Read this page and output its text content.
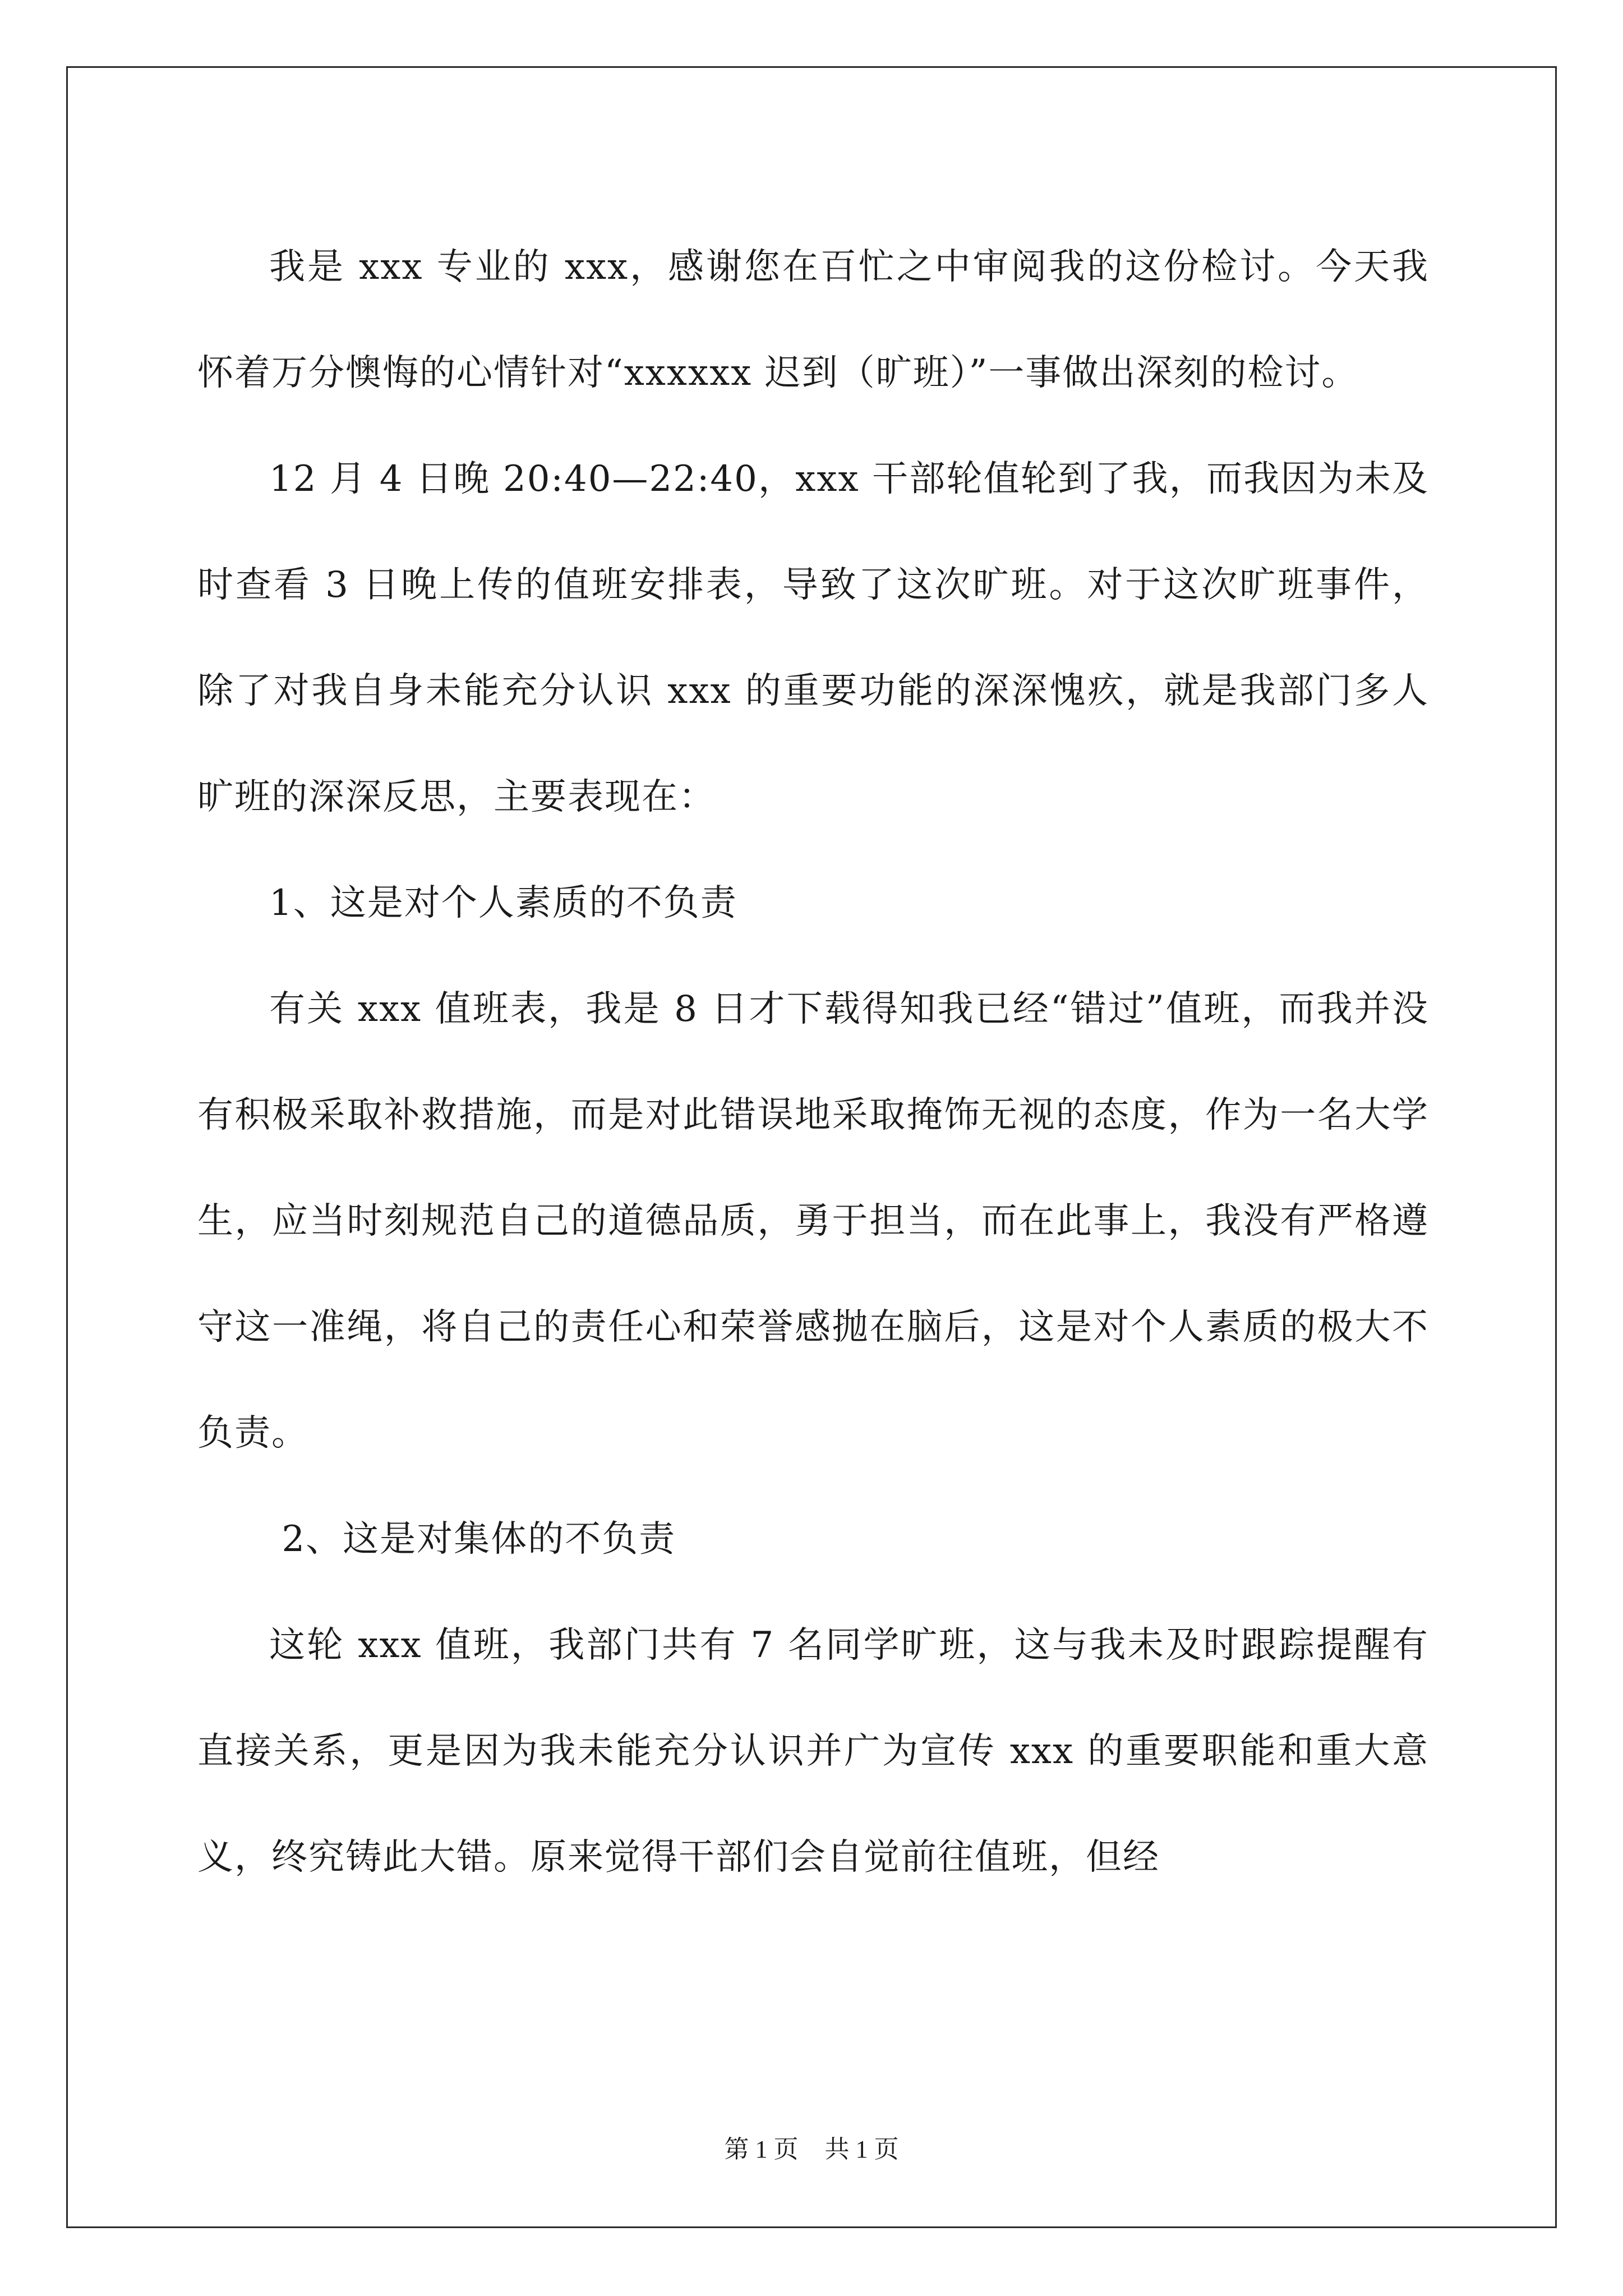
我是 xxx 专业的 xxx，感谢您在百忙之中审阅我的这份检讨。今天我怀着万分懊悔的心情针对“xxxxxx 迟到（旷班）”一事做出深刻的检讨。

12 月 4 日晚 20:40—22:40，xxx 干部轮值轮到了我，而我因为未及时查看 3 日晚上传的值班安排表，导致了这次旷班。对于这次旷班事件，除了对我自身未能充分认识 xxx 的重要功能的深深愧疚，就是我部门多人旷班的深深反思，主要表现在：

1、这是对个人素质的不负责

有关 xxx 值班表，我是 8 日才下载得知我已经“错过”值班，而我并没有积极采取补救措施，而是对此错误地采取掩饰无视的态度，作为一名大学生，应当时刻规范自己的道德品质，勇于担当，而在此事上，我没有严格遵守这一准绳，将自己的责任心和荣誉感抛在脑后，这是对个人素质的极大不负责。

2、这是对集体的不负责

这轮 xxx 值班，我部门共有 7 名同学旷班，这与我未及时跟踪提醒有直接关系，更是因为我未能充分认识并广为宣传 xxx 的重要职能和重大意义，终究铸此大错。原来觉得干部们会自觉前往值班，但经

第 1 页 共 1 页
